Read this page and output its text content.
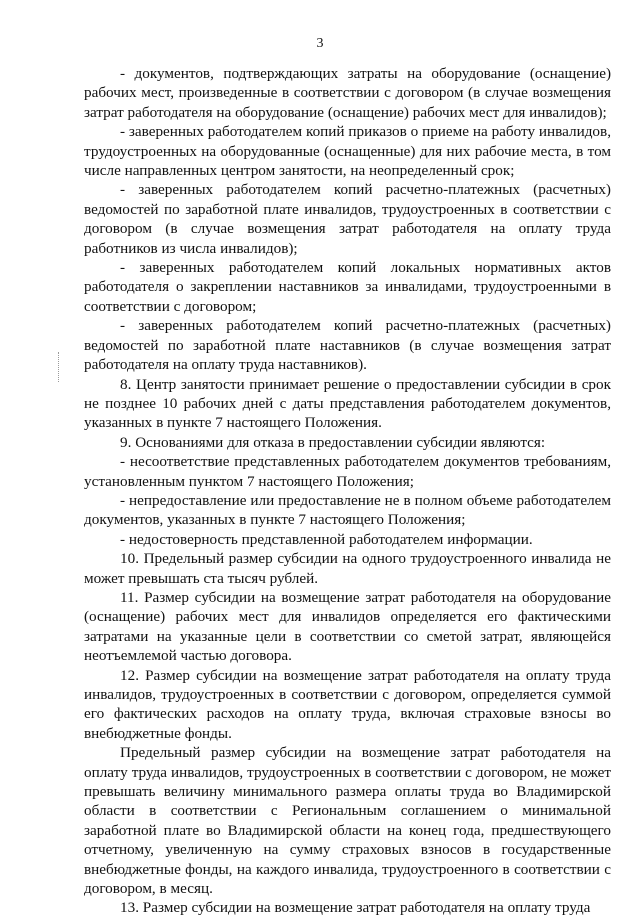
3

- документов, подтверждающих затраты на оборудование (оснащение) рабочих мест, произведенные в соответствии с договором (в случае возмещения затрат работодателя на оборудование (оснащение) рабочих мест для инвалидов);

- заверенных работодателем копий приказов о приеме на работу инвалидов, трудоустроенных на оборудованные (оснащенные) для них рабочие места, в том числе направленных центром занятости, на неопределенный срок;

- заверенных работодателем копий расчетно-платежных (расчетных) ведомостей по заработной плате инвалидов, трудоустроенных в соответствии с договором (в случае возмещения затрат работодателя на оплату труда работников из числа инвалидов);

- заверенных работодателем копий локальных нормативных актов работодателя о закреплении наставников за инвалидами, трудоустроенными в соответствии с договором;

- заверенных работодателем копий расчетно-платежных (расчетных) ведомостей по заработной плате наставников (в случае возмещения затрат работодателя на оплату труда наставников).

8. Центр занятости принимает решение о предоставлении субсидии в срок не позднее 10 рабочих дней с даты представления работодателем документов, указанных в пункте 7 настоящего Положения.

9. Основаниями для отказа в предоставлении субсидии являются:

- несоответствие представленных работодателем документов требованиям, установленным пунктом 7 настоящего Положения;

- непредоставление или предоставление не в полном объеме работодателем документов, указанных в пункте 7 настоящего Положения;

- недостоверность представленной работодателем информации.

10. Предельный размер субсидии на одного трудоустроенного инвалида не может превышать ста тысяч рублей.

11. Размер субсидии на возмещение затрат работодателя на оборудование (оснащение) рабочих мест для инвалидов определяется его фактическими затратами на указанные цели в соответствии со сметой затрат, являющейся неотъемлемой частью договора.

12. Размер субсидии на возмещение затрат работодателя на оплату труда инвалидов, трудоустроенных в соответствии с договором, определяется суммой его фактических расходов на оплату труда, включая страховые взносы во внебюджетные фонды.

Предельный размер субсидии на возмещение затрат работодателя на оплату труда инвалидов, трудоустроенных в соответствии с договором, не может превышать величину минимального размера оплаты труда во Владимирской области в соответствии с Региональным соглашением о минимальной заработной плате во Владимирской области на конец года, предшествующего отчетному, увеличенную на сумму страховых взносов в государственные внебюджетные фонды, на каждого инвалида, трудоустроенного в соответствии с договором, в месяц.

13. Размер субсидии на возмещение затрат работодателя на оплату труда
